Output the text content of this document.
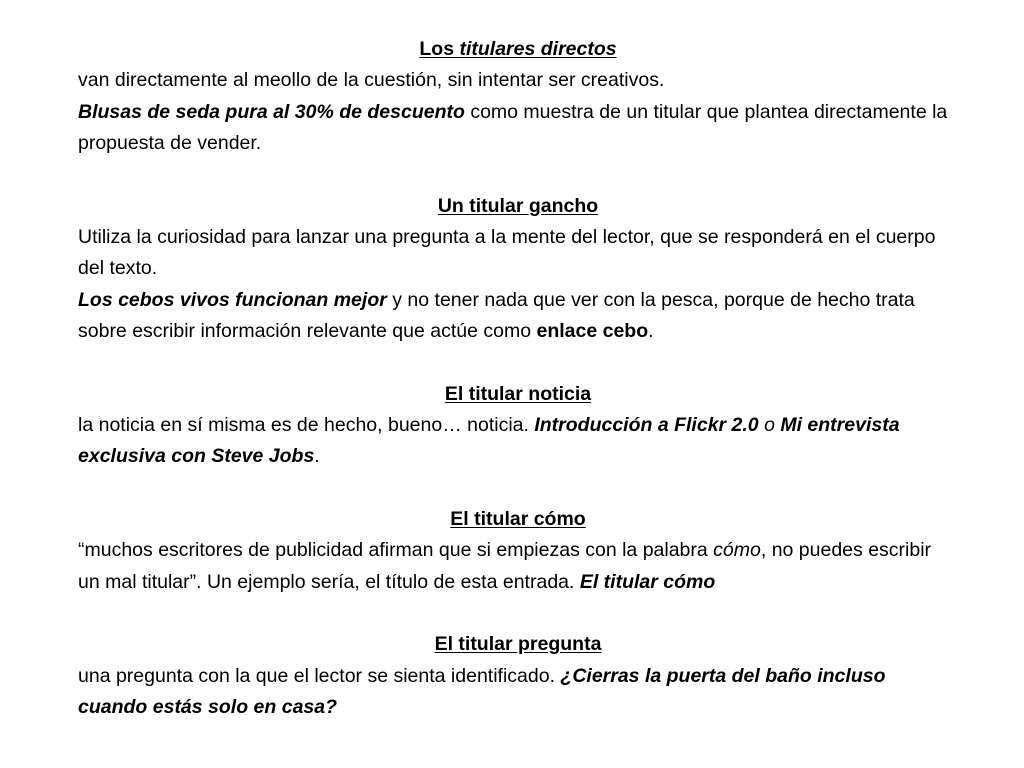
Los titulares directos

van directamente al meollo de la cuestión, sin intentar ser creativos.

Blusas de seda pura al 30% de descuento como muestra de un titular que plantea directamente la propuesta de vender.

Un titular gancho

Utiliza la curiosidad para lanzar una pregunta a la mente del lector, que se responderá en el cuerpo del texto.

Los cebos vivos funcionan mejor y no tener nada que ver con la pesca, porque de hecho trata sobre escribir información relevante que actúe como enlace cebo.

El titular noticia

la noticia en sí misma es de hecho, bueno… noticia. Introducción a Flickr 2.0 o Mi entrevista exclusiva con Steve Jobs.

El titular cómo

“muchos escritores de publicidad afirman que si empiezas con la palabra cómo, no puedes escribir un mal titular”. Un ejemplo sería, el título de esta entrada. El titular cómo

El titular pregunta

una pregunta con la que el lector se sienta identificado. ¿Cierras la puerta del baño incluso cuando estás solo en casa?
